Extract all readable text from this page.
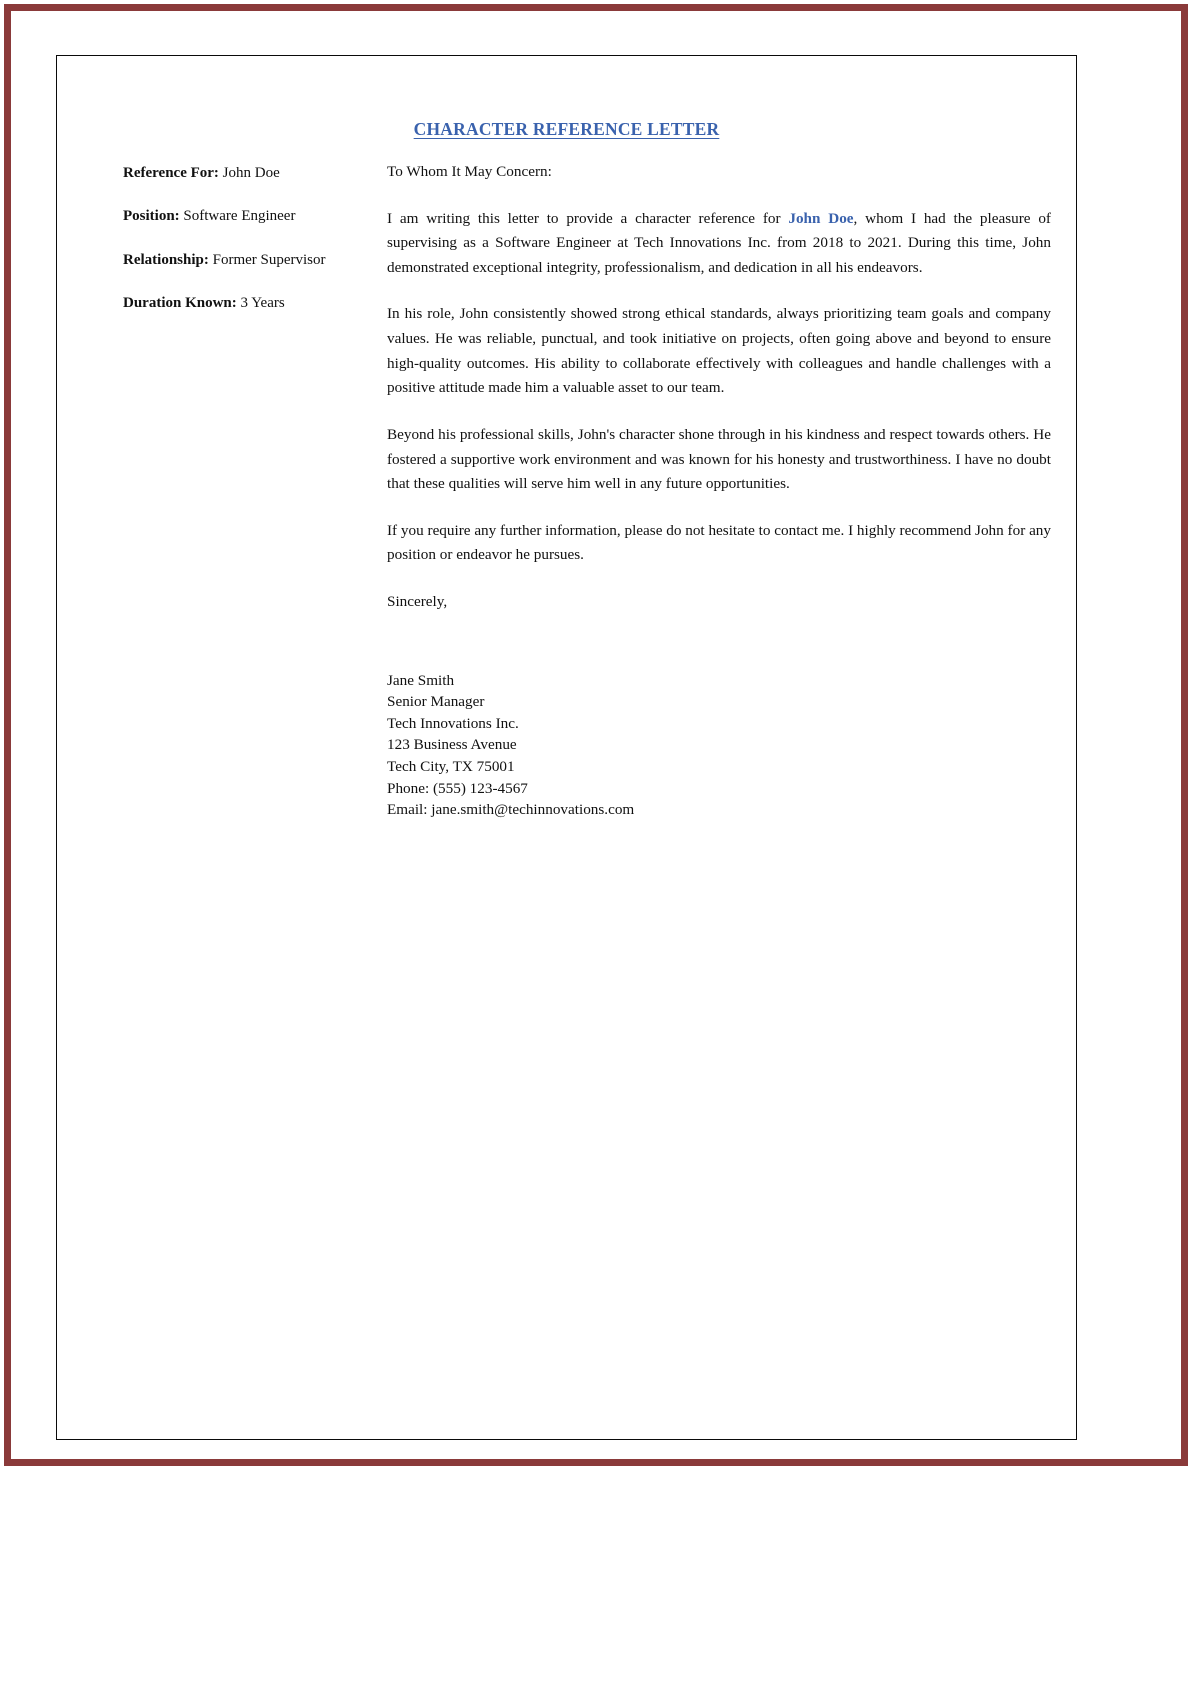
CHARACTER REFERENCE LETTER
Reference For: John Doe
Position: Software Engineer
Relationship: Former Supervisor
Duration Known: 3 Years
To Whom It May Concern:

I am writing this letter to provide a character reference for John Doe, whom I had the pleasure of supervising as a Software Engineer at Tech Innovations Inc. from 2018 to 2021. During this time, John demonstrated exceptional integrity, professionalism, and dedication in all his endeavors.

In his role, John consistently showed strong ethical standards, always prioritizing team goals and company values. He was reliable, punctual, and took initiative on projects, often going above and beyond to ensure high-quality outcomes. His ability to collaborate effectively with colleagues and handle challenges with a positive attitude made him a valuable asset to our team.

Beyond his professional skills, John's character shone through in his kindness and respect towards others. He fostered a supportive work environment and was known for his honesty and trustworthiness. I have no doubt that these qualities will serve him well in any future opportunities.

If you require any further information, please do not hesitate to contact me. I highly recommend John for any position or endeavor he pursues.

Sincerely,
Jane Smith
Senior Manager
Tech Innovations Inc.
123 Business Avenue
Tech City, TX 75001
Phone: (555) 123-4567
Email: jane.smith@techinnovations.com
